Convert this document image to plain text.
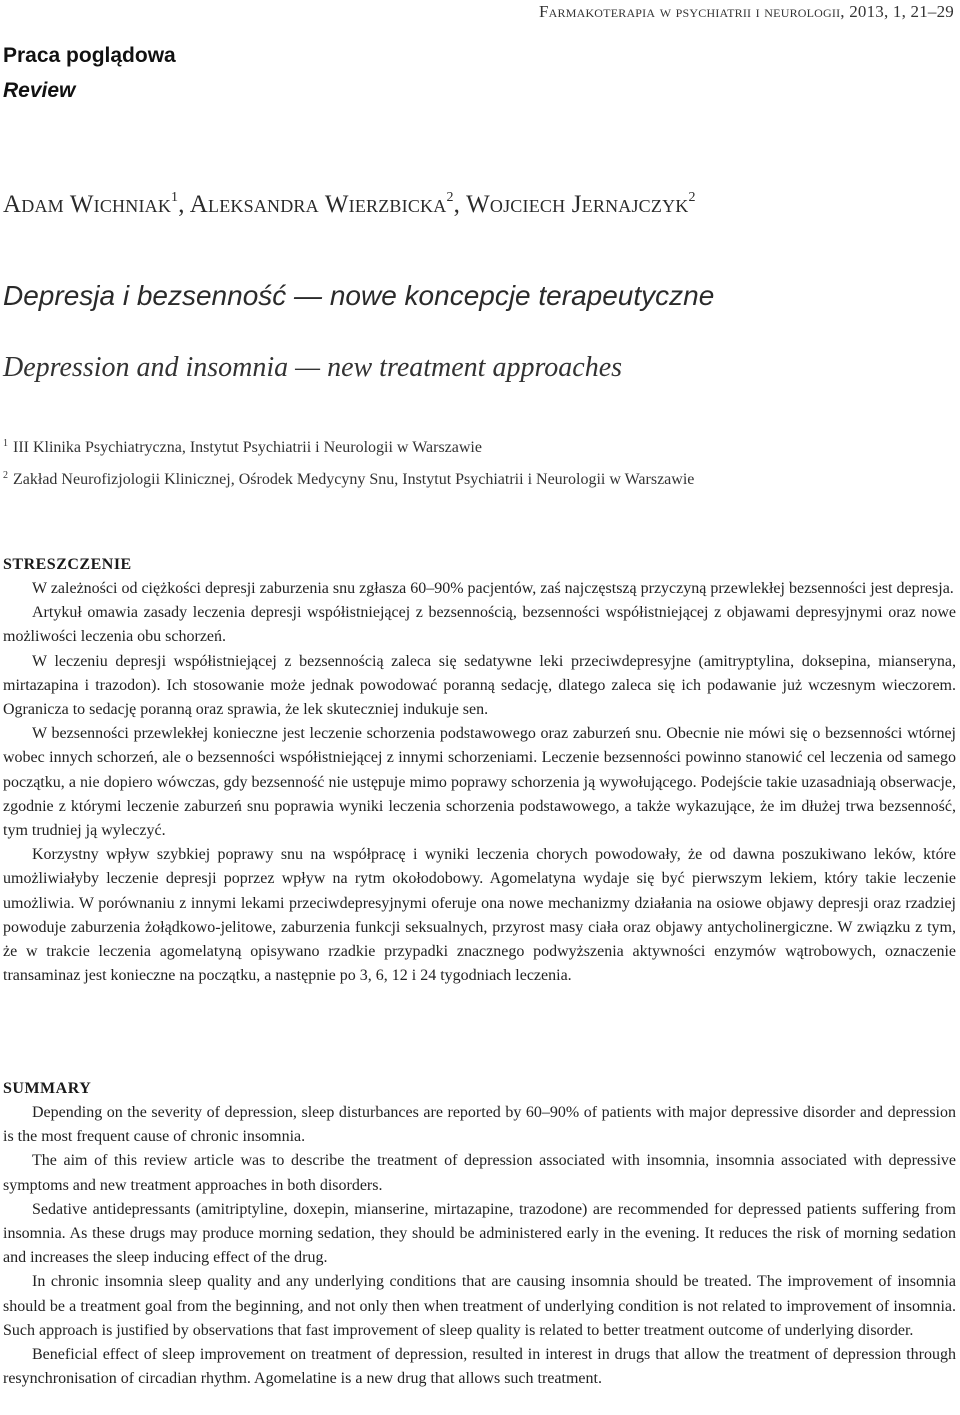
Farmakoterapia w psychiatrii i neurologii, 2013, 1, 21–29
Praca poglądowa
Review
Adam Wichniak$^1$, Aleksandra Wierzbicka$^2$, Wojciech Jernajczyk$^2$
Depresja i bezsenność — nowe koncepcje terapeutyczne
Depression and insomnia — new treatment approaches
$^1$ III Klinika Psychiatryczna, Instytut Psychiatrii i Neurologii w Warszawie
$^2$ Zakład Neurofizjologii Klinicznej, Ośrodek Medycyny Snu, Instytut Psychiatrii i Neurologii w Warszawie
STRESZCZENIE

W zależności od ciężkości depresji zaburzenia snu zgłasza 60–90% pacjentów, zaś najczęstszą przyczyną przewlekłej bezsenności jest depresja.

Artykuł omawia zasady leczenia depresji współistniejącej z bezsennością, bezsenności współistniejącej z objawami depresyjnymi oraz nowe możliwości leczenia obu schorzeń.

W leczeniu depresji współistniejącej z bezsennością zaleca się sedatywne leki przeciwdepresyjne (amitryptylina, doksepina, mianseryna, mirtazapina i trazodon). Ich stosowanie może jednak powodować poranną sedację, dlatego zaleca się ich podawanie już wczesnym wieczorem. Ogranicza to sedację poranną oraz sprawia, że lek skuteczniej indukuje sen.

W bezsenności przewlekłej konieczne jest leczenie schorzenia podstawowego oraz zaburzeń snu. Obecnie nie mówi się o bezsenności wtórnej wobec innych schorzeń, ale o bezsenności współistniejącej z innymi schorzeniami. Leczenie bezsenności powinno stanowić cel leczenia od samego początku, a nie dopiero wówczas, gdy bezsenność nie ustępuje mimo poprawy schorzenia ją wywołującego. Podejście takie uzasadniają obserwacje, zgodnie z którymi leczenie zaburzeń snu poprawia wyniki leczenia schorzenia podstawowego, a także wykazujące, że im dłużej trwa bezsenność, tym trudniej ją wyleczyć.

Korzystny wpływ szybkiej poprawy snu na współpracę i wyniki leczenia chorych powodowały, że od dawna poszukiwano leków, które umożliwiałyby leczenie depresji poprzez wpływ na rytm okołodobowy. Agomelatyna wydaje się być pierwszym lekiem, który takie leczenie umożliwia. W porównaniu z innymi lekami przeciwdepresyjnymi oferuje ona nowe mechanizmy działania na osiowe objawy depresji oraz rzadziej powoduje zaburzenia żołądkowo-jelitowe, zaburzenia funkcji seksualnych, przyrost masy ciała oraz objawy antycholinergiczne. W związku z tym, że w trakcie leczenia agomelatyną opisywano rzadkie przypadki znacznego podwyższenia aktywności enzymów wątrobowych, oznaczenie transaminaz jest konieczne na początku, a następnie po 3, 6, 12 i 24 tygodniach leczenia.

SUMMARY

Depending on the severity of depression, sleep disturbances are reported by 60–90% of patients with major depressive disorder and depression is the most frequent cause of chronic insomnia.

The aim of this review article was to describe the treatment of depression associated with insomnia, insomnia associated with depressive symptoms and new treatment approaches in both disorders.

Sedative antidepressants (amitriptyline, doxepin, mianserine, mirtazapine, trazodone) are recommended for depressed patients suffering from insomnia. As these drugs may produce morning sedation, they should be administered early in the evening. It reduces the risk of morning sedation and increases the sleep inducing effect of the drug.

In chronic insomnia sleep quality and any underlying conditions that are causing insomnia should be treated. The improvement of insomnia should be a treatment goal from the beginning, and not only then when treatment of underlying condition is not related to improvement of insomnia. Such approach is justified by observations that fast improvement of sleep quality is related to better treatment outcome of underlying disorder.

Beneficial effect of sleep improvement on treatment of depression, resulted in interest in drugs that allow the treatment of depression through resynchronisation of circadian rhythm. Agomelatine is a new drug that allows such treatment.
